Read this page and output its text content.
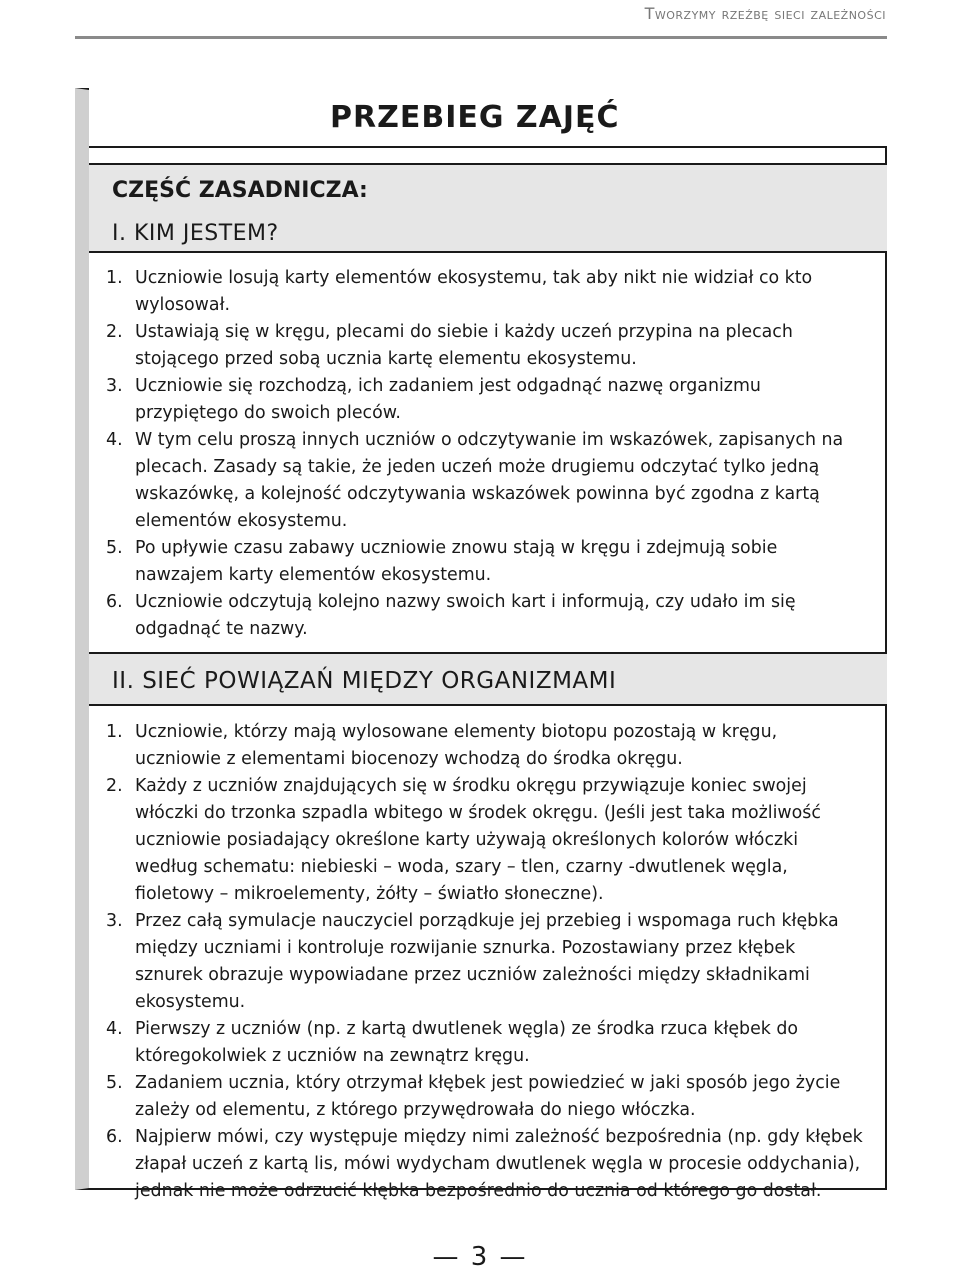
Tworzymy rzeźbę sieci zależności
PRZEBIEG ZAJĘĆ
CZĘŚĆ ZASADNICZA:
I. KIM JESTEM?
1. Uczniowie losują karty elementów ekosystemu, tak aby nikt nie widział co kto wylosował.
2. Ustawiają się w kręgu, plecami do siebie i każdy uczeń przypina na plecach stojącego przed sobą ucznia kartę elementu ekosystemu.
3. Uczniowie się rozchodzą, ich zadaniem jest odgadnąć nazwę organizmu przypiętego do swoich pleców.
4. W tym celu proszą innych uczniów o odczytywanie im wskazówek, zapisanych na plecach. Zasady są takie, że jeden uczeń może drugiemu odczytać tylko jedną wskazówkę, a kolejność odczytywania wskazówek powinna być zgodna z kartą elementów ekosystemu.
5. Po upływie czasu zabawy uczniowie znowu stają w kręgu i zdejmują sobie nawzajem karty elementów ekosystemu.
6. Uczniowie odczytują kolejno nazwy swoich kart i informują, czy udało im się odgadnąć te nazwy.
II. SIEĆ POWIĄZAŃ MIĘDZY ORGANIZMAMI
1. Uczniowie, którzy mają wylosowane elementy biotopu pozostają w kręgu, uczniowie z elementami biocenozy wchodzą do środka okręgu.
2. Każdy z uczniów znajdujących się w środku okręgu przywiązuje koniec swojej włóczki do trzonka szpadla wbitego w środek okręgu. (Jeśli jest taka możliwość uczniowie posiadający określone karty używają określonych kolorów włóczki według schematu: niebieski – woda, szary – tlen, czarny -dwutlenek węgla, fioletowy – mikroelementy, żółty – światło słoneczne).
3. Przez całą symulacje nauczyciel porządkuje jej przebieg i wspomaga ruch kłębka między uczniami i kontroluje rozwijanie sznurka. Pozostawiany przez kłębek sznurek obrazuje wypowiadane przez uczniów zależności między składnikami ekosystemu.
4. Pierwszy z uczniów (np. z kartą dwutlenek węgla) ze środka rzuca kłębek do któregokolwiek z uczniów na zewnątrz kręgu.
5. Zadaniem ucznia, który otrzymał kłębek jest powiedzieć w jaki sposób jego życie zależy od elementu, z którego przywędrowała do niego włóczka.
6. Najpierw mówi, czy występuje między nimi zależność bezpośrednia (np. gdy kłębek złapał uczeń z kartą lis, mówi wydycham dwutlenek węgla w procesie oddychania), jednak nie może odrzucić kłębka bezpośrednio do ucznia od którego go dostał.
— 3 —
